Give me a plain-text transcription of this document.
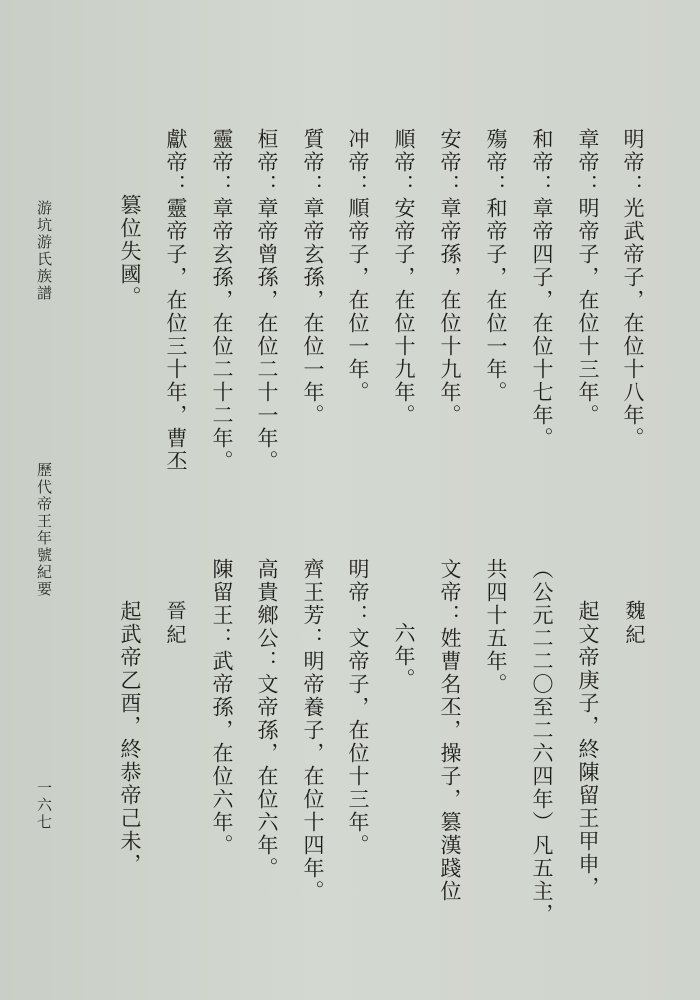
明帝：光武帝子，在位十八年。
章帝：明帝子，在位十三年。
和帝：章帝四子，在位十七年。
殤帝：和帝子，在位一年。
安帝：章帝孫，在位十九年。
順帝：安帝子，在位十九年。
冲帝：順帝子，在位一年。
質帝：章帝玄孫，在位一年。
桓帝：章帝曾孫，在位二十一年。
靈帝：章帝玄孫，在位二十二年。
獻帝：靈帝子，在位三十年，曹丕
篡位失國。
魏紀
起文帝庚子，終陳留王甲申，
（公元二二〇至二六四年）凡五主，
共四十五年。
文帝：姓曹名丕，操子，篡漢踐位
六年。
明帝：文帝子，在位十三年。
齊王芳：明帝養子，在位十四年。
高貴鄉公：文帝孫，在位六年。
陳留王：武帝孫，在位六年。
晉紀
起武帝乙酉，終恭帝己未，
游坑游氏族譜
歷代帝王年號紀要
一六七
